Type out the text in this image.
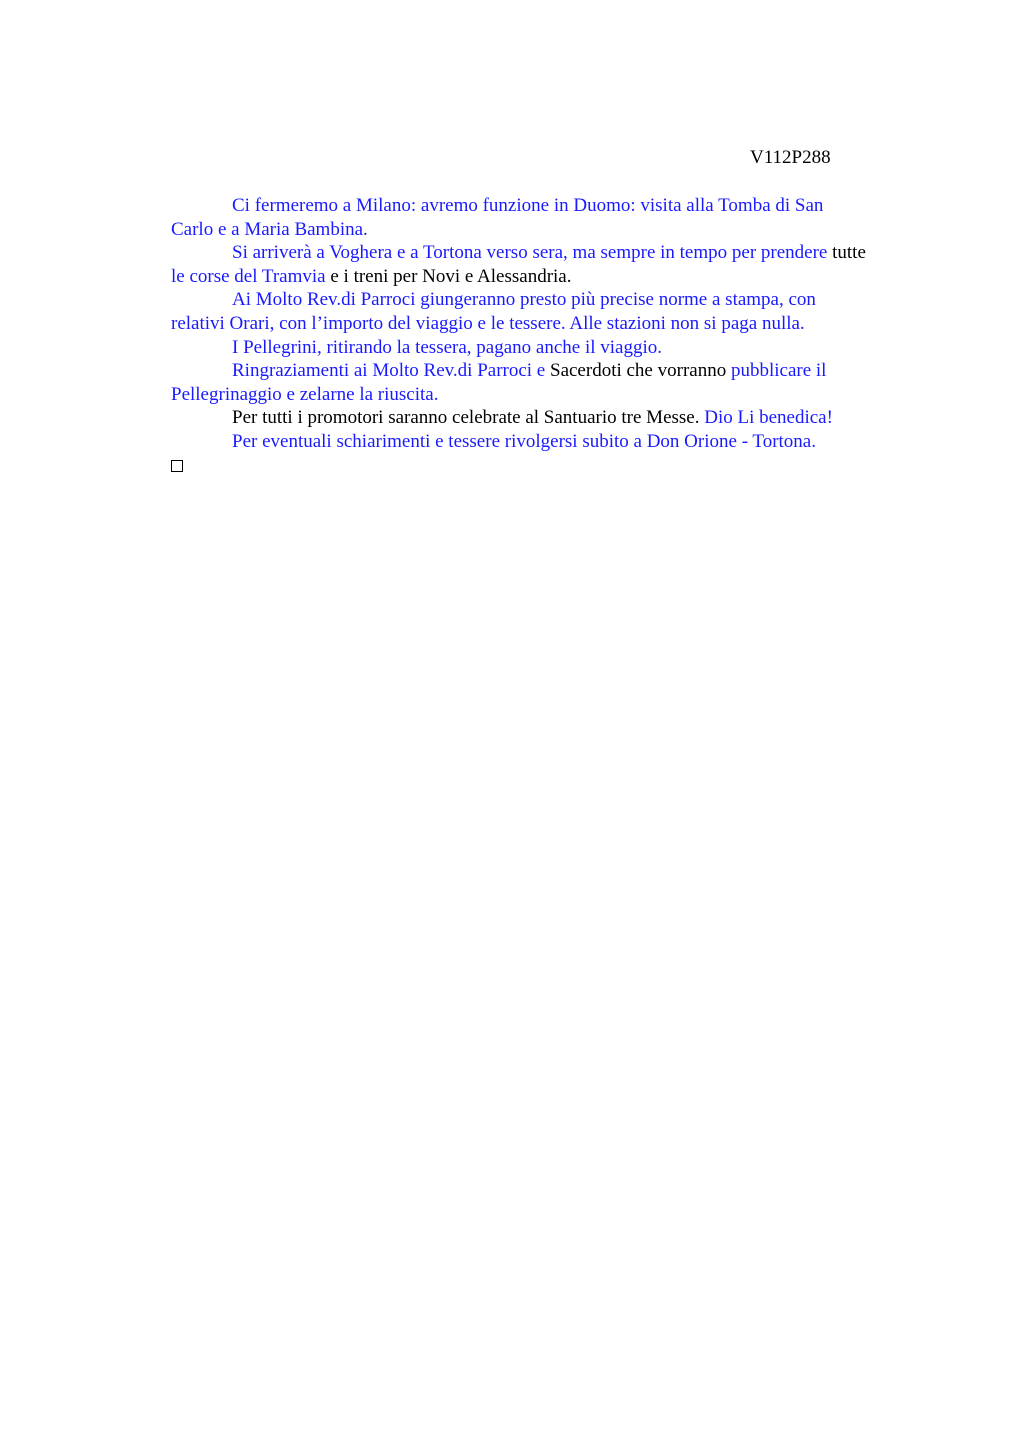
V112P288

Ci fermeremo a Milano: avremo funzione in Duomo: visita alla Tomba di San

Carlo e a Maria Bambina.

Si arriverà a Voghera e a Tortona verso sera, ma sempre in tempo per prendere tutte

le corse del Tramvia e i treni per Novi e Alessandria.

Ai Molto Rev.di Parroci giungeranno presto più precise norme a stampa, con

relativi Orari, con l’importo del viaggio e le tessere. Alle stazioni non si paga nulla.

I Pellegrini, ritirando la tessera, pagano anche il viaggio.

Ringraziamenti ai Molto Rev.di Parroci e Sacerdoti che vorranno pubblicare il

Pellegrinaggio e zelarne la riuscita.

Per tutti i promotori saranno celebrate al Santuario tre Messe. Dio Li benedica!

Per eventuali schiarimenti e tessere rivolgersi subito a Don Orione - Tortona.
